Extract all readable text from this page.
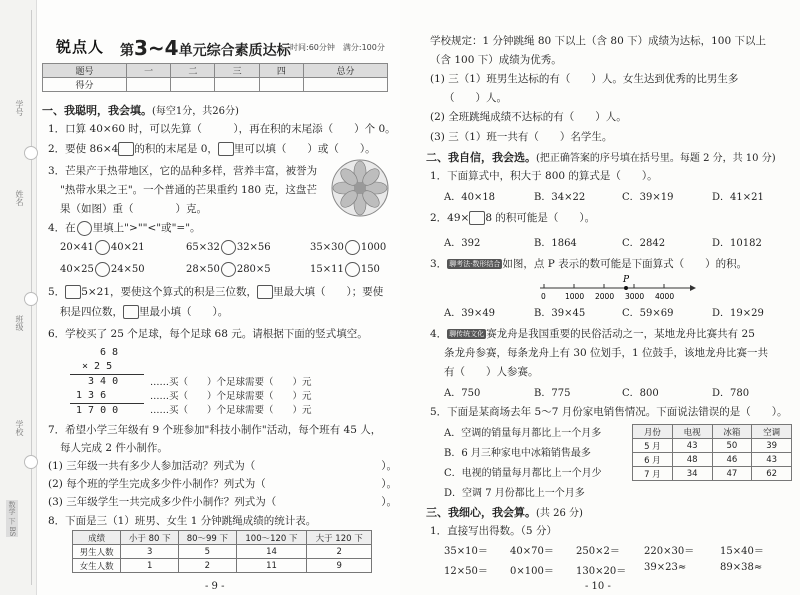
学号
姓名
班级
学校
数学 下 BS
锐点人 第3~4单元综合素质达标 时间:60分钟　满分:100分
题号	一	二	三	四	总分
得分					
一、我聪明，我会填。(每空1分，共26分)
1．口算 40×60 时，可以先算（　　　），再在积的末尾添（　　）个 0。
2．要使 86×4 的积的末尾是 0， 里可以填（　　）或（　　）。
3．芒果产于热带地区，它的品种多样，营养丰富，被誉为
"热带水果之王"。一个普通的芒果重约 180 克，这盘芒
果（如图）重（　　　　）克。
4．在 里填上">""<"或"="。
20×41 40×21	65×32 32×56	35×30 1000
40×25 24×50	28×50 280×5	15×11 150
5． 5×21，要使这个算式的积是三位数， 里最大填（　　）；要使
积是四位数， 里最小填（　　）。
6．学校买了 25 个足球，每个足球 68 元。请根据下面的竖式填空。
6 8
× 2 5
3 4 0
1 3 6
1 7 0 0
……买（　　）个足球需要（　　）元
……买（　　）个足球需要（　　）元
……买（　　）个足球需要（　　）元
7．希望小学三年级有 9 个班参加"科技小制作"活动，每个班有 45 人，
每人完成 2 件小制作。
(1) 三年级一共有多少人参加活动？列式为（　　　　　　　　　　　　）。
(2) 每个班的学生完成多少件小制作？列式为（　　　　　　　　　　　）。
(3) 三年级学生一共完成多少件小制作？列式为（　　　　　　　　　　）。
8．下面是三（1）班男、女生 1 分钟跳绳成绩的统计表。
成绩	小于 80 下	80～99 下	100～120 下	大于 120 下
男生人数	3	5	14	2
女生人数	1	2	11	9
- 9 -
学校规定：1 分钟跳绳 80 下以上（含 80 下）成绩为达标，100 下以上
（含 100 下）成绩为优秀。
(1) 三（1）班男生达标的有（　　）人。女生达到优秀的比男生多
（　　）人。
(2) 全班跳绳成绩不达标的有（　　）人。
(3) 三（1）班一共有（　　）名学生。
二、我自信，我会选。(把正确答案的序号填在括号里。每题 2 分，共 10 分)
1．下面算式中，积大于 800 的算式是（　　）。
A．40×18	B．34×22	C．39×19	D．41×21
2．49× 8 的积可能是（　　）。
A．392	B．1864	C．2842	D．10182
3． 聊考法·数形结合 如图，点 P 表示的数可能是下面算式（　　）的积。
P
0	1000 2000 3000 4000
A．39×49	B．39×45	C．59×69	D．19×29
4． 聊传统文化 赛龙舟是我国重要的民俗活动之一，某地龙舟比赛共有 25
条龙舟参赛，每条龙舟上有 30 位划手，1 位鼓手，该地龙舟比赛一共
有（　　）人参赛。
A．750	B．775	C．800	D．780
5．下面是某商场去年 5～7 月份家电销售情况。下面说法错误的是（　　）。
A．空调的销量每月都比上一个月多
B．6 月三种家电中冰箱销售最多
C．电视的销量每月都比上一个月少
D．空调 7 月份都比上一个月多
月份	电视	冰箱	空调
5 月	43	50	39
6 月	48	46	43
7 月	34	47	62
三、我细心，我会算。(共 26 分)
1．直接写出得数。（5 分）
35×10＝ 40×70＝ 250×2＝ 220×30＝	15×40＝
12×50＝ 0×100＝ 130×20＝ 39×23≈	89×38≈
- 10 -
